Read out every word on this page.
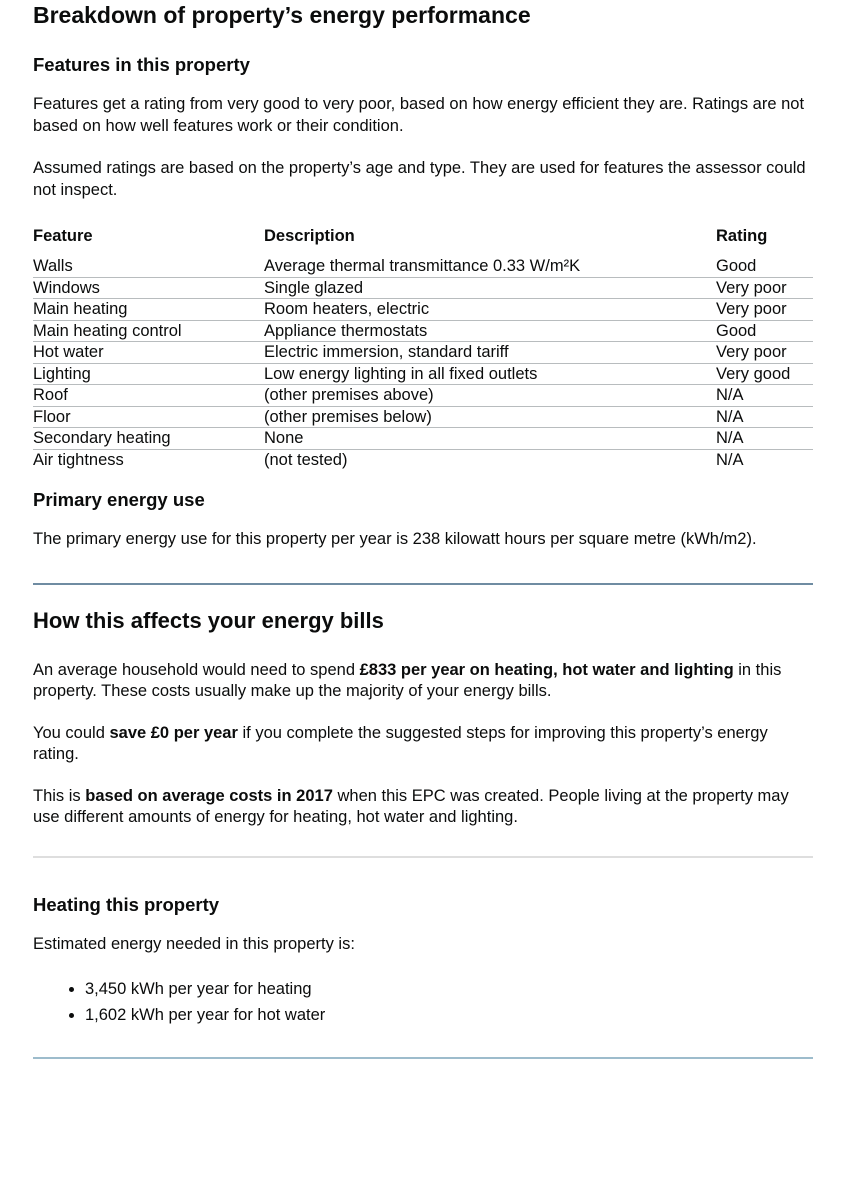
Breakdown of property’s energy performance
Features in this property

Features get a rating from very good to very poor, based on how energy efficient they are. Ratings are not based on how well features work or their condition.

Assumed ratings are based on the property’s age and type. They are used for features the assessor could not inspect.

Feature	Description	Rating
Walls	Average thermal transmittance 0.33 W/m²K	Good
Windows	Single glazed	Very poor
Main heating	Room heaters, electric	Very poor
Main heating control	Appliance thermostats	Good
Hot water	Electric immersion, standard tariff	Very poor
Lighting	Low energy lighting in all fixed outlets	Very good
Roof	(other premises above)	N/A
Floor	(other premises below)	N/A
Secondary heating	None	N/A
Air tightness	(not tested)	N/A
Primary energy use

The primary energy use for this property per year is 238 kilowatt hours per square metre (kWh/m2).

How this affects your energy bills

An average household would need to spend £833 per year on heating, hot water and lighting in this property. These costs usually make up the majority of your energy bills.

You could save £0 per year if you complete the suggested steps for improving this property’s energy rating.

This is based on average costs in 2017 when this EPC was created. People living at the property may use different amounts of energy for heating, hot water and lighting.

Heating this property

Estimated energy needed in this property is:

• 3,450 kWh per year for heating
• 1,602 kWh per year for hot water
